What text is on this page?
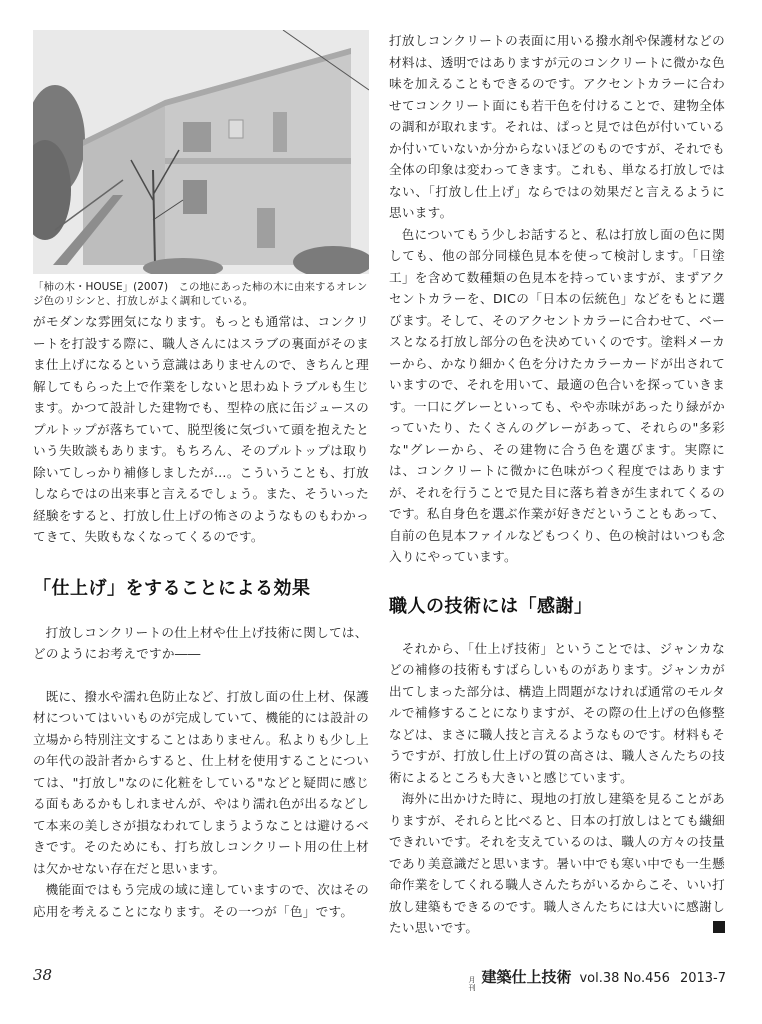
「柿の木・HOUSE」(2007)　この地にあった柿の木に由来するオレンジ色のリシンと、打放しがよく調和している。

がモダンな雰囲気になります。もっとも通常は、コンクリートを打設する際に、職人さんにはスラブの裏面がそのまま仕上げになるという意識はありませんので、きちんと理解してもらった上で作業をしないと思わぬトラブルも生じます。かつて設計した建物でも、型枠の底に缶ジュースのプルトップが落ちていて、脱型後に気づいて頭を抱えたという失敗談もあります。もちろん、そのプルトップは取り除いてしっかり補修しましたが…。こういうことも、打放しならではの出来事と言えるでしょう。また、そういった経験をすると、打放し仕上げの怖さのようなものもわかってきて、失敗もなくなってくるのです。

「仕上げ」をすることによる効果

打放しコンクリートの仕上材や仕上げ技術に関しては、どのようにお考えですか――

既に、撥水や濡れ色防止など、打放し面の仕上材、保護材についてはいいものが完成していて、機能的には設計の立場から特別注文することはありません。私よりも少し上の年代の設計者からすると、仕上材を使用することについては、"打放し"なのに化粧をしている"などと疑問に感じる面もあるかもしれませんが、やはり濡れ色が出るなどして本来の美しさが損なわれてしまうようなことは避けるべきです。そのためにも、打ち放しコンクリート用の仕上材は欠かせない存在だと思います。

機能面ではもう完成の域に達していますので、次はその応用を考えることになります。その一つが「色」です。

打放しコンクリートの表面に用いる撥水剤や保護材などの材料は、透明ではありますが元のコンクリートに微かな色味を加えることもできるのです。アクセントカラーに合わせてコンクリート面にも若干色を付けることで、建物全体の調和が取れます。それは、ぱっと見では色が付いているか付いていないか分からないほどのものですが、それでも全体の印象は変わってきます。これも、単なる打放しではない、「打放し仕上げ」ならではの効果だと言えるように思います。

色についてもう少しお話すると、私は打放し面の色に関しても、他の部分同様色見本を使って検討します。「日塗工」を含めて数種類の色見本を持っていますが、まずアクセントカラーを、DICの「日本の伝統色」などをもとに選びます。そして、そのアクセントカラーに合わせて、ベースとなる打放し部分の色を決めていくのです。塗料メーカーから、かなり細かく色を分けたカラーカードが出されていますので、それを用いて、最適の色合いを探っていきます。一口にグレーといっても、やや赤味があったり緑がかっていたり、たくさんのグレーがあって、それらの"多彩な"グレーから、その建物に合う色を選びます。実際には、コンクリートに微かに色味がつく程度ではありますが、それを行うことで見た目に落ち着きが生まれてくるのです。私自身色を選ぶ作業が好きだということもあって、自前の色見本ファイルなどもつくり、色の検討はいつも念入りにやっています。

職人の技術には「感謝」

それから、「仕上げ技術」ということでは、ジャンカなどの補修の技術もすばらしいものがあります。ジャンカが出てしまった部分は、構造上問題がなければ通常のモルタルで補修することになりますが、その際の仕上げの色修整などは、まさに職人技と言えるようなものです。材料もそうですが、打放し仕上げの質の高さは、職人さんたちの技術によるところも大きいと感じています。

海外に出かけた時に、現地の打放し建築を見ることがありますが、それらと比べると、日本の打放しはとても繊細できれいです。それを支えているのは、職人の方々の技量であり美意識だと思います。暑い中でも寒い中でも一生懸命作業をしてくれる職人さんたちがいるからこそ、いい打放し建築もできるのです。職人さんたちには大いに感謝したい思いです。

38	月刊
建築仕上技術 vol.38 No.456 2013-7
